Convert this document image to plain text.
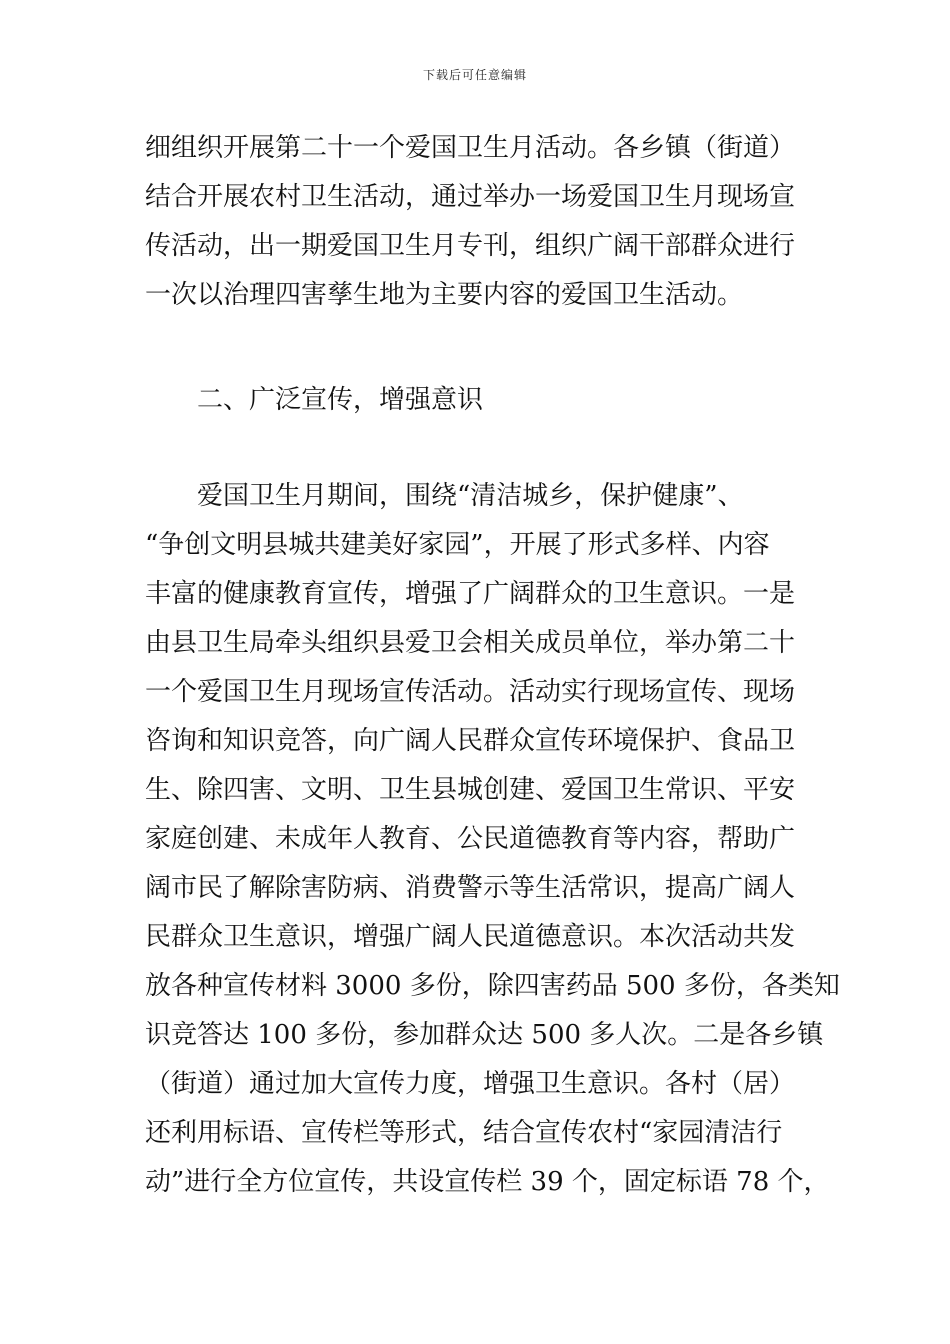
下载后可任意编辑
细组织开展第二十一个爱国卫生月活动。各乡镇（街道）
结合开展农村卫生活动，通过举办一场爱国卫生月现场宣
传活动，出一期爱国卫生月专刊，组织广阔干部群众进行
一次以治理四害孳生地为主要内容的爱国卫生活动。
二、广泛宣传，增强意识
　　爱国卫生月期间，围绕“清洁城乡，保护健康”、
“争创文明县城共建美好家园”，开展了形式多样、内容
丰富的健康教育宣传，增强了广阔群众的卫生意识。一是
由县卫生局牵头组织县爱卫会相关成员单位，举办第二十
一个爱国卫生月现场宣传活动。活动实行现场宣传、现场
咨询和知识竞答，向广阔人民群众宣传环境保护、食品卫
生、除四害、文明、卫生县城创建、爱国卫生常识、平安
家庭创建、未成年人教育、公民道德教育等内容，帮助广
阔市民了解除害防病、消费警示等生活常识，提高广阔人
民群众卫生意识，增强广阔人民道德意识。本次活动共发
放各种宣传材料 3000 多份，除四害药品 500 多份，各类知
识竞答达 100 多份，参加群众达 500 多人次。二是各乡镇
（街道）通过加大宣传力度，增强卫生意识。各村（居）
还利用标语、宣传栏等形式，结合宣传农村“家园清洁行
动”进行全方位宣传，共设宣传栏 39 个，固定标语 78 个，
